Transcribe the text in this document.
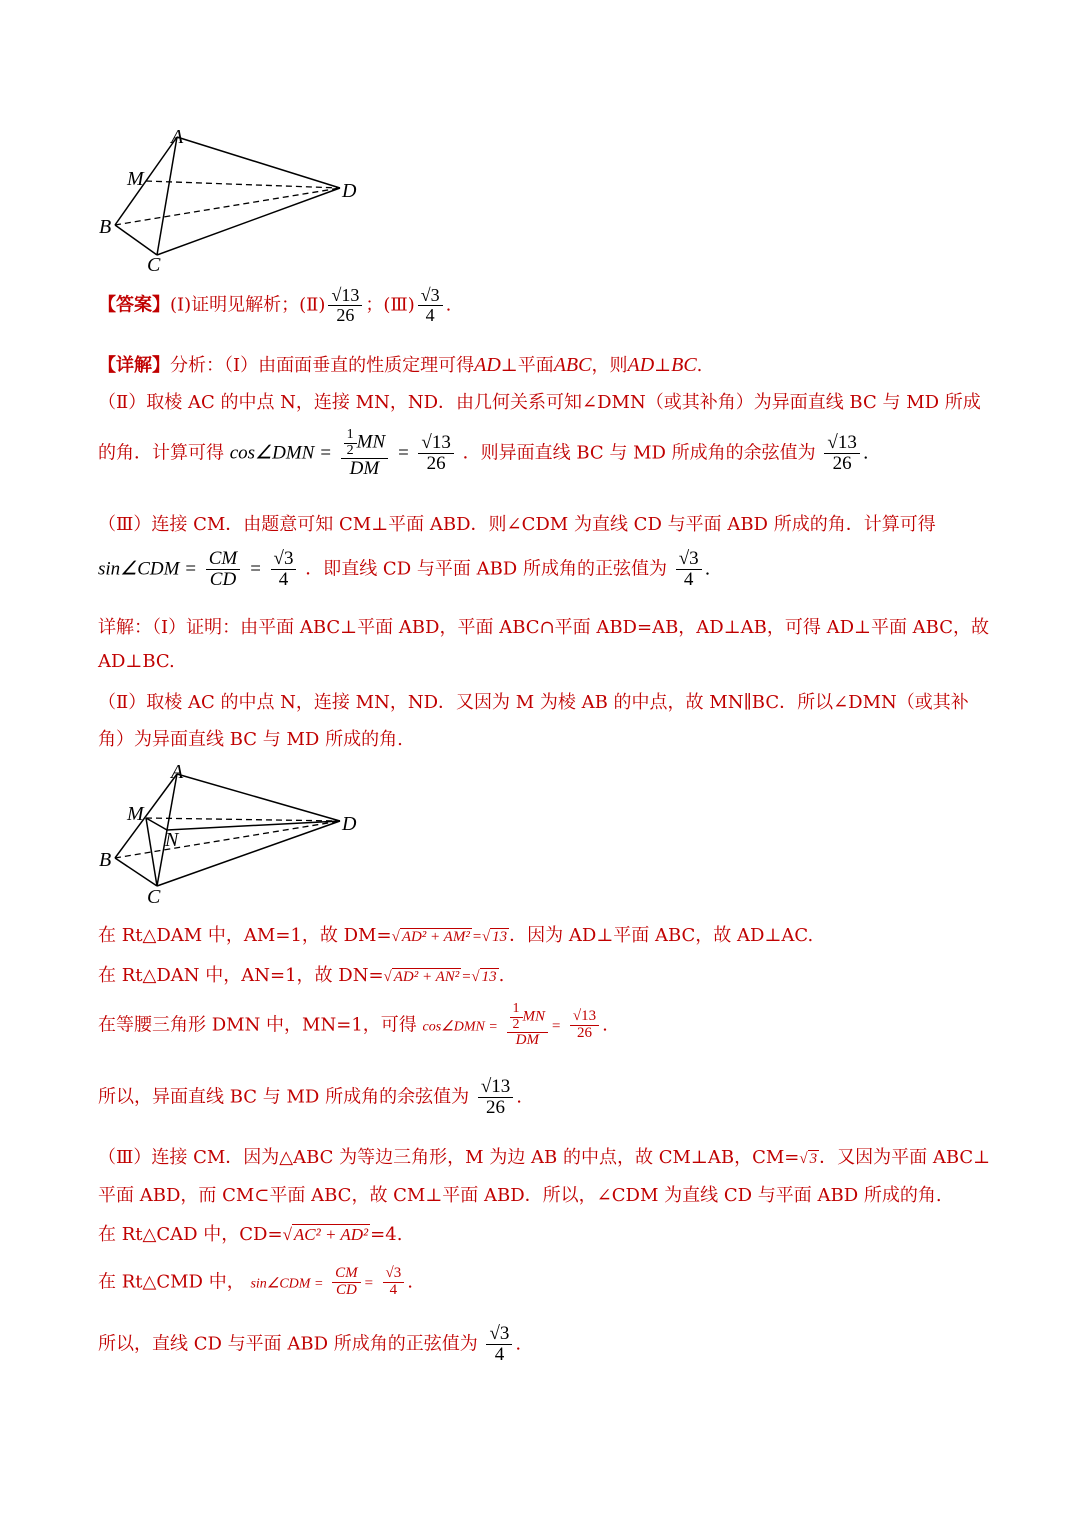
A
M
B
C
D
【答案】(Ⅰ)证明见解析；(Ⅱ) $\frac{√13}{26}$ ；(Ⅲ) $\frac{√3}{4}$ .
【详解】分析：（Ⅰ）由面面垂直的性质定理可得AD⊥平面ABC，则AD⊥BC.
（Ⅱ）取棱 AC 的中点 N，连接 MN，ND．由几何关系可知∠DMN（或其补角）为异面直线 BC 与 MD 所成
的角．计算可得 cos∠DMN = $\frac{\frac{1}{2} MN}{DM} = \frac{√13}{26}$ ．则异面直线 BC 与 MD 所成角的余弦值为 $\frac{√13}{26}$ .
（Ⅲ）连接 CM．由题意可知 CM⊥平面 ABD．则∠CDM 为直线 CD 与平面 ABD 所成的角．计算可得
sin∠CDM = $\frac{CM}{CD} = \frac{√3}{4}$ ．即直线 CD 与平面 ABD 所成角的正弦值为 $\frac{√3}{4}$ .
详解：（Ⅰ）证明：由平面 ABC⊥平面 ABD，平面 ABC∩平面 ABD=AB，AD⊥AB，可得 AD⊥平面 ABC，故
AD⊥BC.
（Ⅱ）取棱 AC 的中点 N，连接 MN，ND．又因为 M 为棱 AB 的中点，故 MN∥BC．所以∠DMN（或其补
角）为异面直线 BC 与 MD 所成的角.
A
M
N
B
C
D
在 Rt△DAM 中，AM=1，故 DM=√ AD² + AM² =√ 13 ．因为 AD⊥平面 ABC，故 AD⊥AC.
在 Rt△DAN 中，AN=1，故 DN=√ AD² + AN² =√ 13 .
在等腰三角形 DMN 中，MN=1，可得 cos∠DMN = $\frac{\frac{1}{2} MN}{DM} = \frac{√13}{26}$ .
所以，异面直线 BC 与 MD 所成角的余弦值为 $\frac{√13}{26}$ .
（Ⅲ）连接 CM．因为△ABC 为等边三角形，M 为边 AB 的中点，故 CM⊥AB，CM=√ 3 ．又因为平面 ABC⊥
平面 ABD，而 CM⊂平面 ABC，故 CM⊥平面 ABD．所以，∠CDM 为直线 CD 与平面 ABD 所成的角.
在 Rt△CAD 中，CD=√ AC² + AD² =4.
在 Rt△CMD 中， sin∠CDM = $\frac{CM}{CD} = \frac{√3}{4}$ .
所以，直线 CD 与平面 ABD 所成角的正弦值为 $\frac{√3}{4}$ .
